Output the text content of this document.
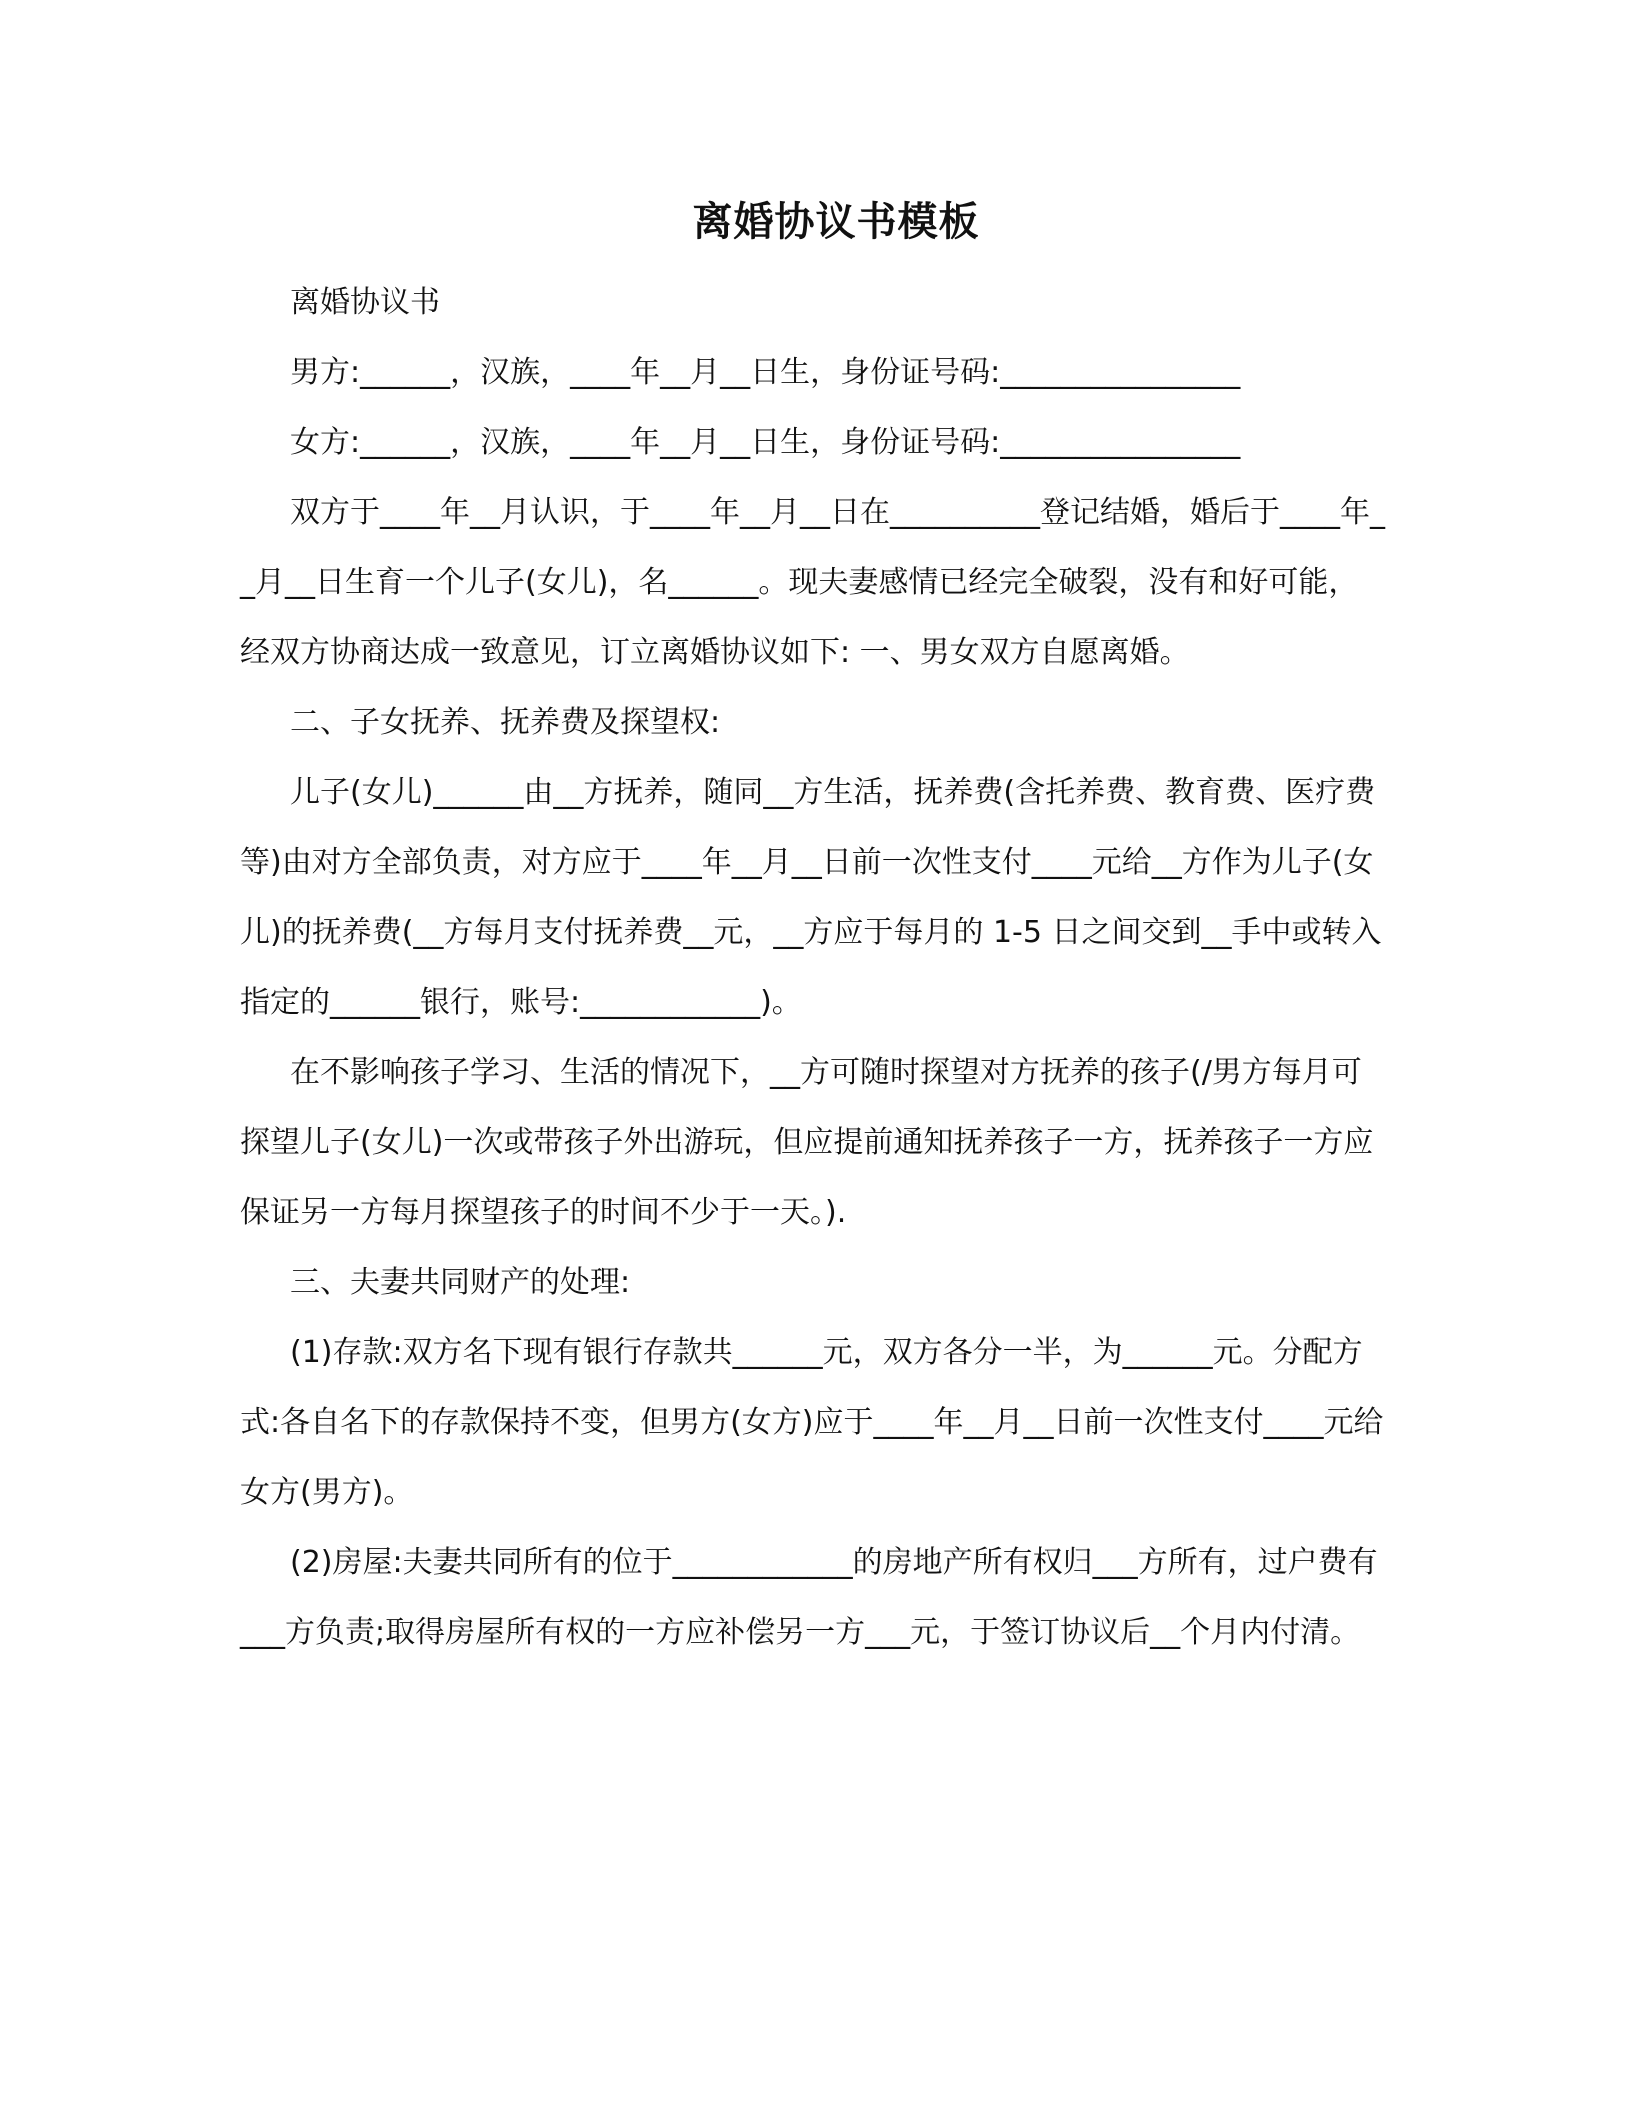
离婚协议书模板

离婚协议书

男方:______，汉族，____年__月__日生，身份证号码:________________

女方:______，汉族，____年__月__日生，身份证号码:________________

双方于____年__月认识，于____年__月__日在__________登记结婚，婚后于____年__月__日生育一个儿子(女儿)，名______。现夫妻感情已经完全破裂，没有和好可能，经双方协商达成一致意见，订立离婚协议如下: 一、男女双方自愿离婚。

二、子女抚养、抚养费及探望权:

儿子(女儿)______由__方抚养，随同__方生活，抚养费(含托养费、教育费、医疗费等)由对方全部负责，对方应于____年__月__日前一次性支付____元给__方作为儿子(女儿)的抚养费(__方每月支付抚养费__元，__方应于每月的 1-5 日之间交到__手中或转入指定的______银行，账号:____________)。

在不影响孩子学习、生活的情况下，__方可随时探望对方抚养的孩子(/男方每月可探望儿子(女儿)一次或带孩子外出游玩，但应提前通知抚养孩子一方，抚养孩子一方应保证另一方每月探望孩子的时间不少于一天。).

三、夫妻共同财产的处理:

(1)存款:双方名下现有银行存款共______元，双方各分一半，为______元。分配方式:各自名下的存款保持不变，但男方(女方)应于____年__月__日前一次性支付____元给女方(男方)。

(2)房屋:夫妻共同所有的位于____________的房地产所有权归___方所有，过户费有___方负责;取得房屋所有权的一方应补偿另一方___元，于签订协议后__个月内付清。
